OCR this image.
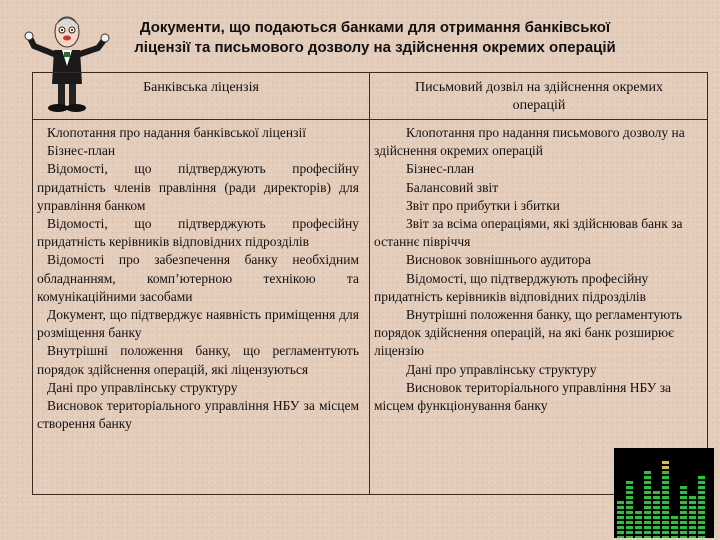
Документи, що подаються банками для отримання банківської
ліцензії та письмового дозволу на здійснення окремих операцій
Банківська ліцензія	Письмовий дозвіл на здійснення окремих
операцій

Клопотання про надання банківської ліцензії

Бізнес-план

Відомості, що підтверджують професійну придатність членів правління (ради директорів) для управління банком

Відомості, що підтверджують професійну придатність керівників відповідних підрозділів

Відомості про забезпечення банку необхідним обладнанням, комп’ютерною технікою та комунікаційними засобами

Документ, що підтверджує наявність приміщення для розміщення банку

Внутрішні положення банку, що регламентують порядок здійснення операцій, які ліцензуються

Дані про управлінську структуру

Висновок територіального управління НБУ за місцем створення банку

Клопотання про надання письмового дозволу на здійснення окремих операцій

Бізнес-план

Балансовий звіт

Звіт про прибутки і збитки

Звіт за всіма операціями, які здійснював банк за останнє півріччя

Висновок зовнішнього аудитора

Відомості, що підтверджують професійну придатність керівників відповідних підрозділів

Внутрішні положення банку, що регламентують порядок здійснення операцій, на які банк розширює ліцензію

Дані про управлінську структуру

Висновок територіального управління НБУ за місцем функціонування банку
